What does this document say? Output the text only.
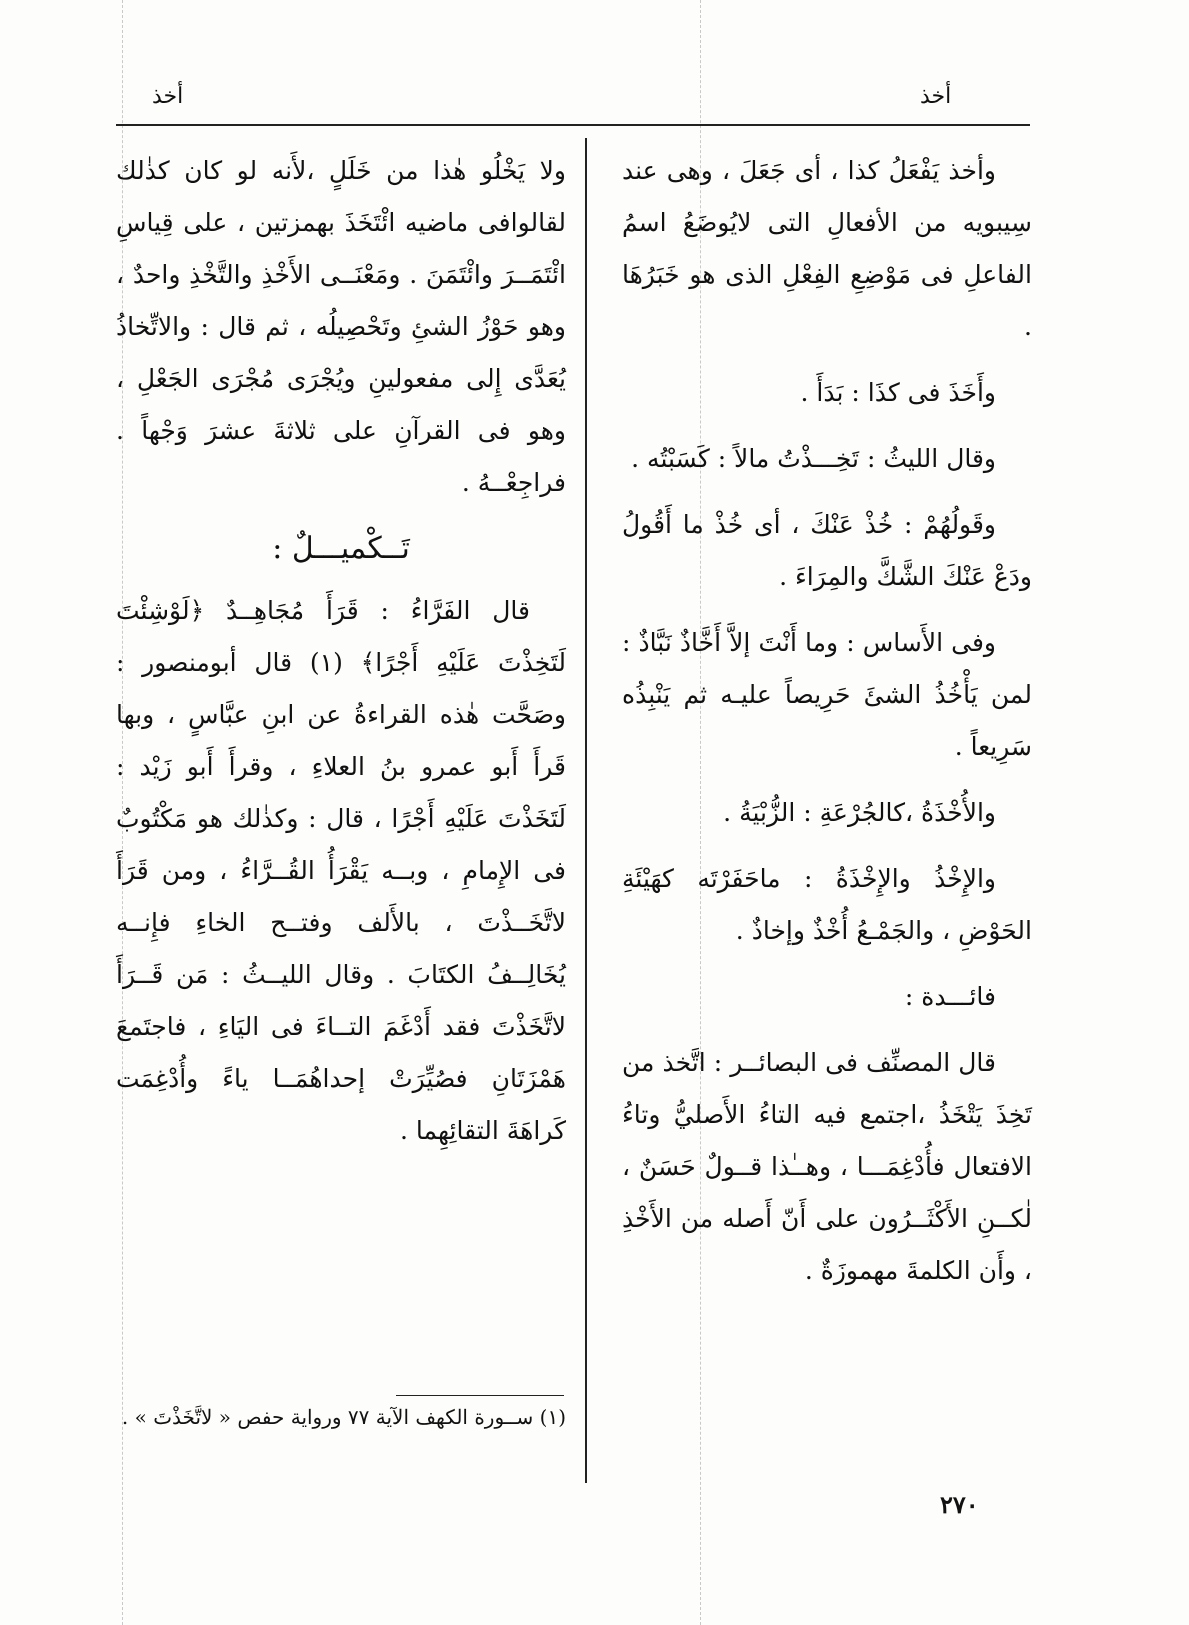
أخذ
أخذ

وأخذ يَفْعَلُ كذا ، أى جَعَلَ ، وهى عند سِيبويه من الأفعالِ التى لايُوضَعُ اسمُ الفاعلِ فى مَوْضِعِ الفِعْلِ الذى هو خَبَرُهَا .

وأَخَذَ فى كذَا : بَدَأَ .

وقال الليثُ : تَخِـــذْتُ مالاً : كَسَبْتُه .

وقَولُهُمْ : خُذْ عَنْكَ ، أى خُذْ ما أَقُولُ ودَعْ عَنْكَ الشَّكَّ والمِرَاءَ .

وفى الأَساس : وما أَنْتَ إلاَّ أَخَّاذٌ نَبَّاذٌ : لمن يَأْخُذُ الشئَ حَرِيصاً عليـه ثم يَنْبِذُه سَرِيعاً .

والأُخْذَةُ ،كالجُرْعَةِ : الزُّبْيَةُ .

والإِخْذُ والإِخْذَةُ : ماحَفَرْتَه كهَيْئَةِ الحَوْضِ ، والجَمْـعُ أُخْذٌ وإخاذٌ .

فائـــدة :

قال المصنِّف فى البصائــر : اتَّخذ من تَخِذَ يَتْخَذُ ،اجتمع فيه التاءُ الأَصليُّ وتاءُ الافتعال فأُدْغِمَـــا ، وهــٰذا قــولٌ حَسَنٌ ، لٰكــنِ الأَكْثَــرُون على أَنّ أَصله من الأَخْذِ ، وأَن الكلمةَ مهموزَةٌ .

ولا يَخْلُو هٰذا من خَلَلٍ ،لأَنه لو كان كذٰلك لقالوافى ماضيه ائْتَخَذَ بهمزتين ، على قِياسِ ائْتَمَــرَ وائْتَمَنَ . ومَعْنَــى الأَخْذِ والتَّخْذِ واحدٌ ، وهو حَوْزُ الشئِ وتَحْصِيلُه ، ثم قال : والاتِّخاذُ يُعَدَّى إِلى مفعولينِ ويُجْرَى مُجْرَى الجَعْلِ ، وهو فى القرآنِ على ثلاثةَ عشرَ وَجْهاً . فراجِعْــهُ .

تَــكْميـــلٌ :

قال الفَرَّاءُ : قَرَأَ مُجَاهِــدٌ ﴿لَوْشِئْتَ لَتَخِذْتَ عَلَيْهِ أَجْرًا﴾ (١) قال أبومنصور : وصَحَّت هٰذه القراءةُ عن ابنِ عبَّاسٍ ، وبها قَرأَ أَبو عمرو بنُ العلاءِ ، وقرأَ أَبو زَيْد : لَتَخَذْتَ عَلَيْهِ أَجْرًا ، قال : وكذٰلك هو مَكْتُوبٌ فى الإِمامِ ، وبــه يَقْرَأُ القُــرَّاءُ ، ومن قَرَأَ لاتَّخَــذْتَ ، بالأَلف وفتــح الخاءِ فإِنــه يُخَالِــفُ الكتَابَ . وقال الليــثُ : مَن قَــرَأَ لاتَّخَذْتَ فقد أَدْغَمَ التــاءَ فى اليَاءِ ، فاجتَمعَ هَمْزَتَانِ فصُيِّرَتْ إحداهُمَــا ياءً وأُدْغِمَت كَراهَةَ التقائِهِما .

(١) ســورة الكهف الآية ٧٧ ورواية حفص « لاتَّخَذْتَ » .

٢٧٠
